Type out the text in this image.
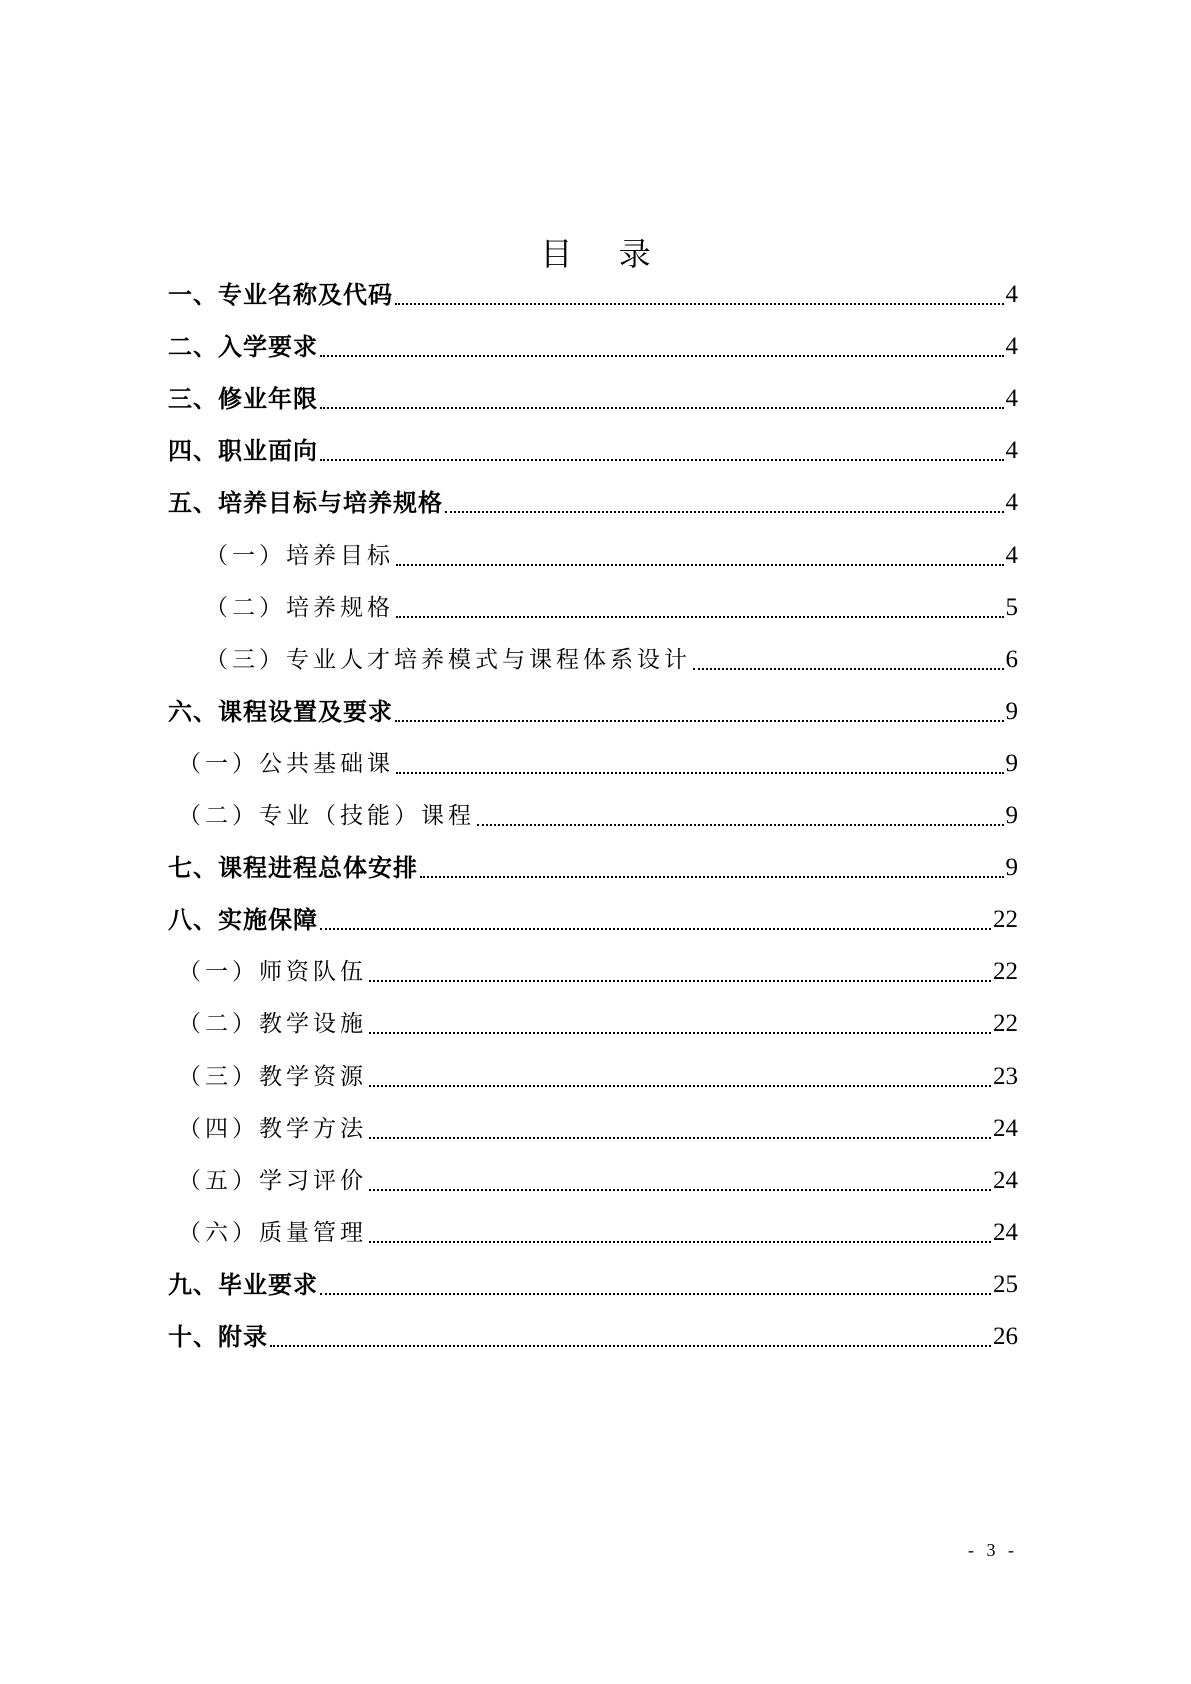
目 录
一、专业名称及代码	4
二、入学要求	4
三、修业年限	4
四、职业面向	4
五、培养目标与培养规格	4
（一）培养目标	4
（二）培养规格	5
（三）专业人才培养模式与课程体系设计	6
六、课程设置及要求	9
（一）公共基础课	9
（二）专业（技能）课程	9
七、课程进程总体安排	9
八、实施保障	22
（一）师资队伍	22
（二）教学设施	22
（三）教学资源	23
（四）教学方法	24
（五）学习评价	24
（六）质量管理	24
九、毕业要求	25
十、附录	26
- 3 -
